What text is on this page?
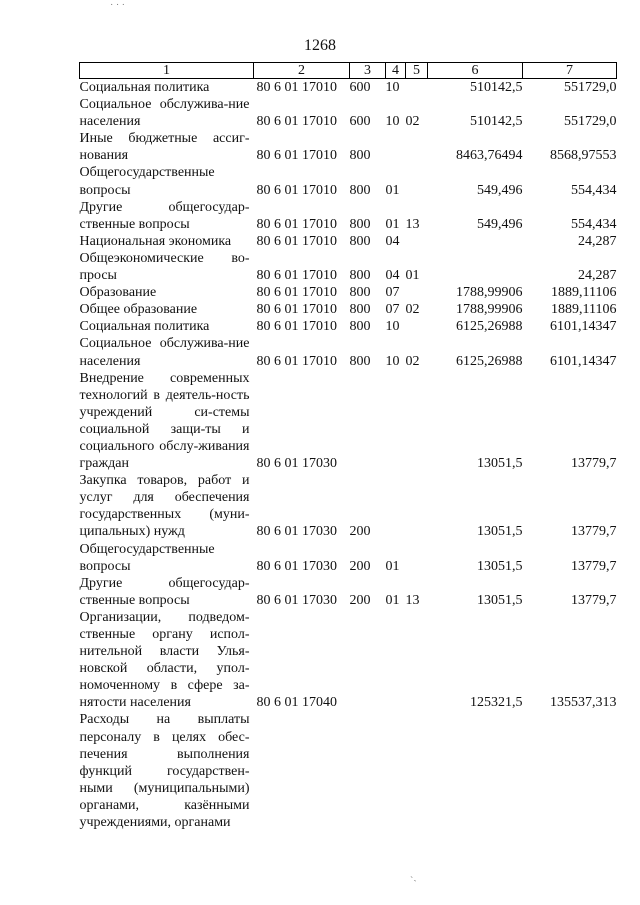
1268
1	2	3	4	5	6	7
Социальная политика	80 6 01 17010	600	10		510142,5	551729,0
Социальное обслужива-ние населения	80 6 01 17010	600	10	02	510142,5	551729,0
Иные бюджетные ассиг-нования	80 6 01 17010	800			8463,76494	8568,97553
Общегосударственные вопросы	80 6 01 17010	800	01		549,496	554,434
Другие общегосудар-ственные вопросы	80 6 01 17010	800	01	13	549,496	554,434
Национальная экономика	80 6 01 17010	800	04			24,287
Общеэкономические во-просы	80 6 01 17010	800	04	01		24,287
Образование	80 6 01 17010	800	07		1788,99906	1889,11106
Общее образование	80 6 01 17010	800	07	02	1788,99906	1889,11106
Социальная политика	80 6 01 17010	800	10		6125,26988	6101,14347
Социальное обслужива-ние населения	80 6 01 17010	800	10	02	6125,26988	6101,14347
Внедрение современных технологий в деятель-ность учреждений си-стемы социальной защи-ты и социального обслу-живания граждан	80 6 01 17030				13051,5	13779,7
Закупка товаров, работ и услуг для обеспечения государственных (муни-ципальных) нужд	80 6 01 17030	200			13051,5	13779,7
Общегосударственные вопросы	80 6 01 17030	200	01		13051,5	13779,7
Другие общегосудар-ственные вопросы	80 6 01 17030	200	01	13	13051,5	13779,7
Организации, подведом-ственные органу испол-нительной власти Улья-новской области, упол-номоченному в сфере за-нятости населения	80 6 01 17040				125321,5	135537,313
Расходы на выплаты персоналу в целях обес-печения выполнения функций государствен-ными (муниципальными) органами, казёнными учреждениями, органами						
˙ ˙ ˙
˴ˎ
